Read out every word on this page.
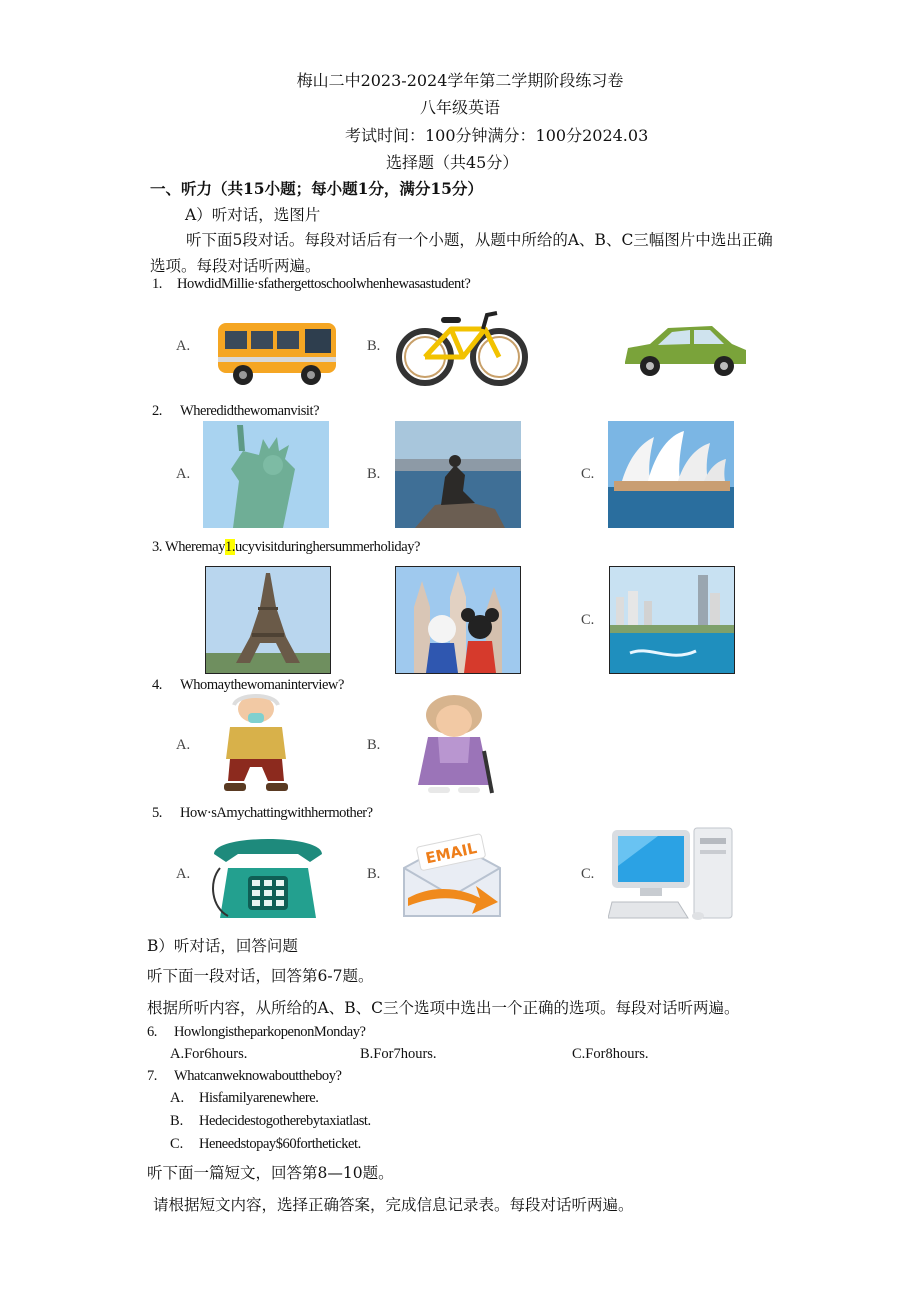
梅山二中2023-2024学年第二学期阶段练习卷
八年级英语
考试时间：100分钟满分：100分2024.03
选择题（共45分）
一、听力（共15小题；每小题1分，满分15分）
A）听对话，选图片
听下面5段对话。每段对话后有一个小题，从题中所给的A、B、C三幅图片中选出正确
选项。每段对话听两遍。
1. HowdidMillie·sfathergettoschoolwhenhewasastudent?
A.	B.
2. Wheredidthewomanvisit?
A.	B.	C.
3. Wheremay1.ucyvisitduringhersummerholiday?
C.
4. Whomaythewomaninterview?
A.	B.
5. How·sAmychattingwithhermother?
A.	B.	C.
EMAIL
B）听对话，回答问题
听下面一段对话，回答第6-7题。
根据所听内容，从所给的A、B、C三个选项中选出一个正确的选项。每段对话听两遍。
6. HowlongistheparkopenonMonday?
A.For6hours.	B.For7hours.	C.For8hours.
7. Whatcanweknowabouttheboy?
A. Hisfamilyarenewhere.
B. Hedecidestogotherebytaxiatlast.
C. Heneedstopay$60fortheticket.
听下面一篇短文，回答第8—10题。
请根据短文内容，选择正确答案，完成信息记录表。每段对话听两遍。
